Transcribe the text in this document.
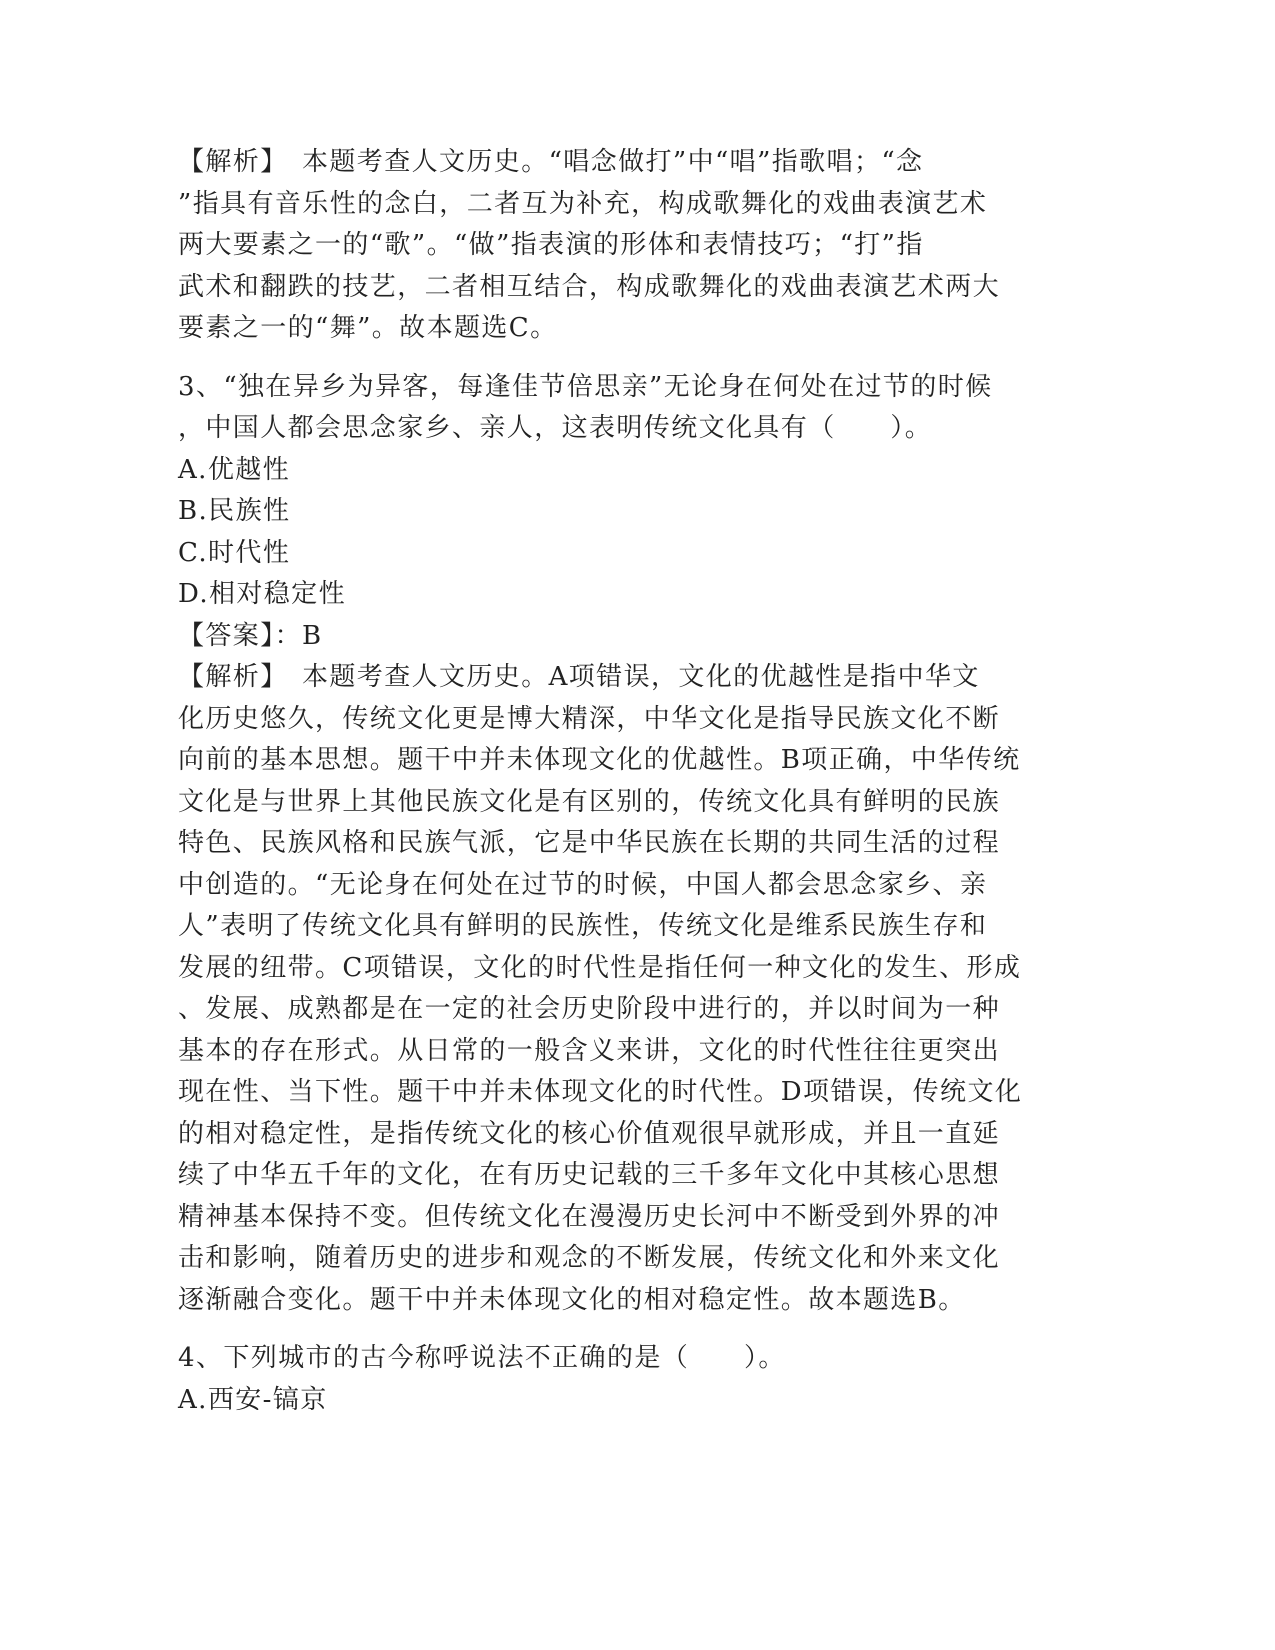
【解析】　本题考查人文历史。“唱念做打”中“唱”指歌唱；“念

”指具有音乐性的念白，二者互为补充，构成歌舞化的戏曲表演艺术

两大要素之一的“歌”。“做”指表演的形体和表情技巧；“打”指

武术和翻跌的技艺，二者相互结合，构成歌舞化的戏曲表演艺术两大

要素之一的“舞”。故本题选C。

3、“独在异乡为异客，每逢佳节倍思亲”无论身在何处在过节的时候

，中国人都会思念家乡、亲人，这表明传统文化具有（　　）。

A.优越性

B.民族性

C.时代性

D.相对稳定性

【答案】：B

【解析】　本题考查人文历史。A项错误，文化的优越性是指中华文

化历史悠久，传统文化更是博大精深，中华文化是指导民族文化不断

向前的基本思想。题干中并未体现文化的优越性。B项正确，中华传统

文化是与世界上其他民族文化是有区别的，传统文化具有鲜明的民族

特色、民族风格和民族气派，它是中华民族在长期的共同生活的过程

中创造的。“无论身在何处在过节的时候，中国人都会思念家乡、亲

人”表明了传统文化具有鲜明的民族性，传统文化是维系民族生存和

发展的纽带。C项错误，文化的时代性是指任何一种文化的发生、形成

、发展、成熟都是在一定的社会历史阶段中进行的，并以时间为一种

基本的存在形式。从日常的一般含义来讲，文化的时代性往往更突出

现在性、当下性。题干中并未体现文化的时代性。D项错误，传统文化

的相对稳定性，是指传统文化的核心价值观很早就形成，并且一直延

续了中华五千年的文化，在有历史记载的三千多年文化中其核心思想

精神基本保持不变。但传统文化在漫漫历史长河中不断受到外界的冲

击和影响，随着历史的进步和观念的不断发展，传统文化和外来文化

逐渐融合变化。题干中并未体现文化的相对稳定性。故本题选B。

4、下列城市的古今称呼说法不正确的是（　　）。

A.西安-镐京
